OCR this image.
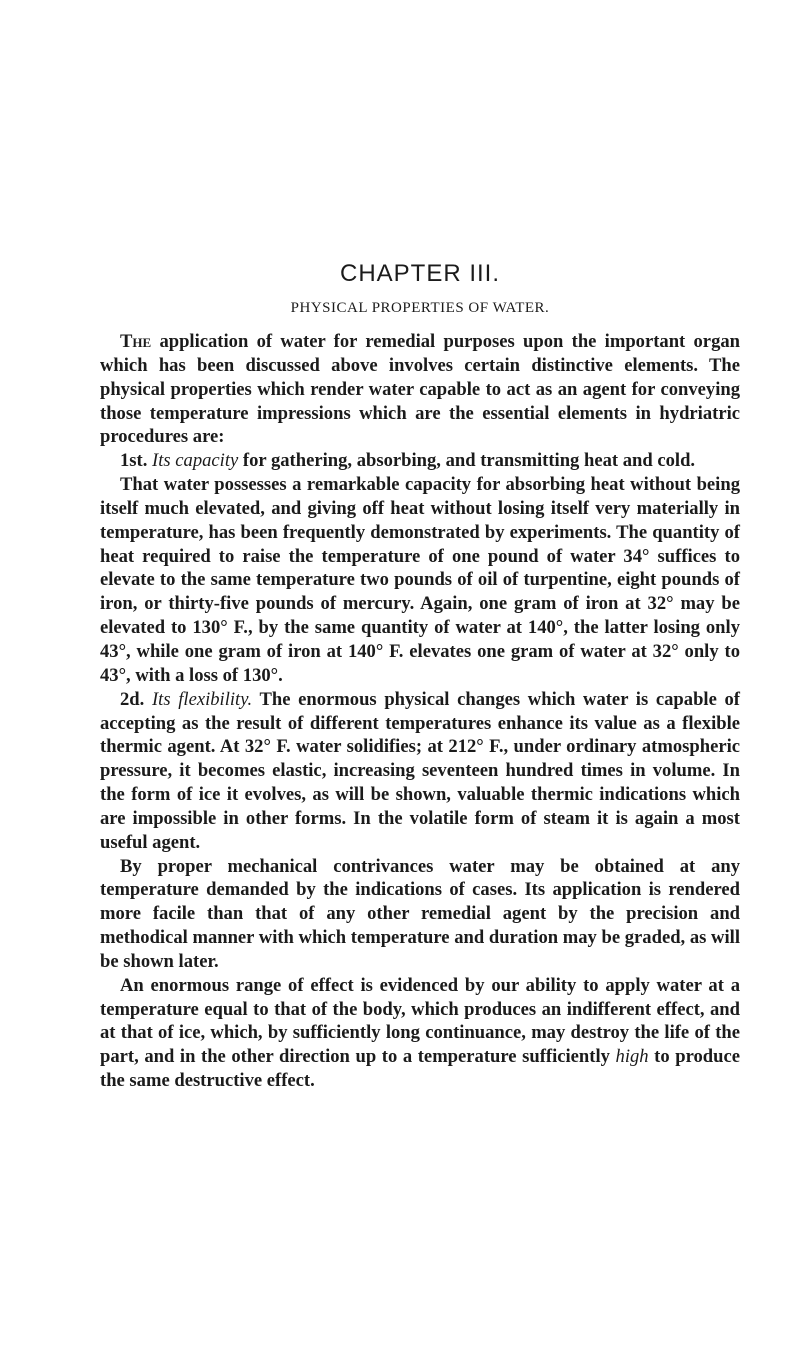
CHAPTER III.
PHYSICAL PROPERTIES OF WATER.

The application of water for remedial purposes upon the important organ which has been discussed above involves certain distinctive elements. The physical properties which render water capable to act as an agent for conveying those temperature impressions which are the essential elements in hydriatric procedures are:

1st. Its capacity for gathering, absorbing, and transmitting heat and cold.

That water possesses a remarkable capacity for absorbing heat without being itself much elevated, and giving off heat without losing itself very materially in temperature, has been frequently demonstrated by experiments. The quantity of heat required to raise the temperature of one pound of water 34° suffices to elevate to the same temperature two pounds of oil of turpentine, eight pounds of iron, or thirty-five pounds of mercury. Again, one gram of iron at 32° may be elevated to 130° F., by the same quantity of water at 140°, the latter losing only 43°, while one gram of iron at 140° F. elevates one gram of water at 32° only to 43°, with a loss of 130°.

2d. Its flexibility. The enormous physical changes which water is capable of accepting as the result of different temperatures enhance its value as a flexible thermic agent. At 32° F. water solidifies; at 212° F., under ordinary atmospheric pressure, it becomes elastic, increasing seventeen hundred times in volume. In the form of ice it evolves, as will be shown, valuable thermic indications which are impossible in other forms. In the volatile form of steam it is again a most useful agent.

By proper mechanical contrivances water may be obtained at any temperature demanded by the indications of cases. Its application is rendered more facile than that of any other remedial agent by the precision and methodical manner with which temperature and duration may be graded, as will be shown later.

An enormous range of effect is evidenced by our ability to apply water at a temperature equal to that of the body, which produces an indifferent effect, and at that of ice, which, by sufficiently long continuance, may destroy the life of the part, and in the other direction up to a temperature sufficiently high to produce the same destructive effect.
